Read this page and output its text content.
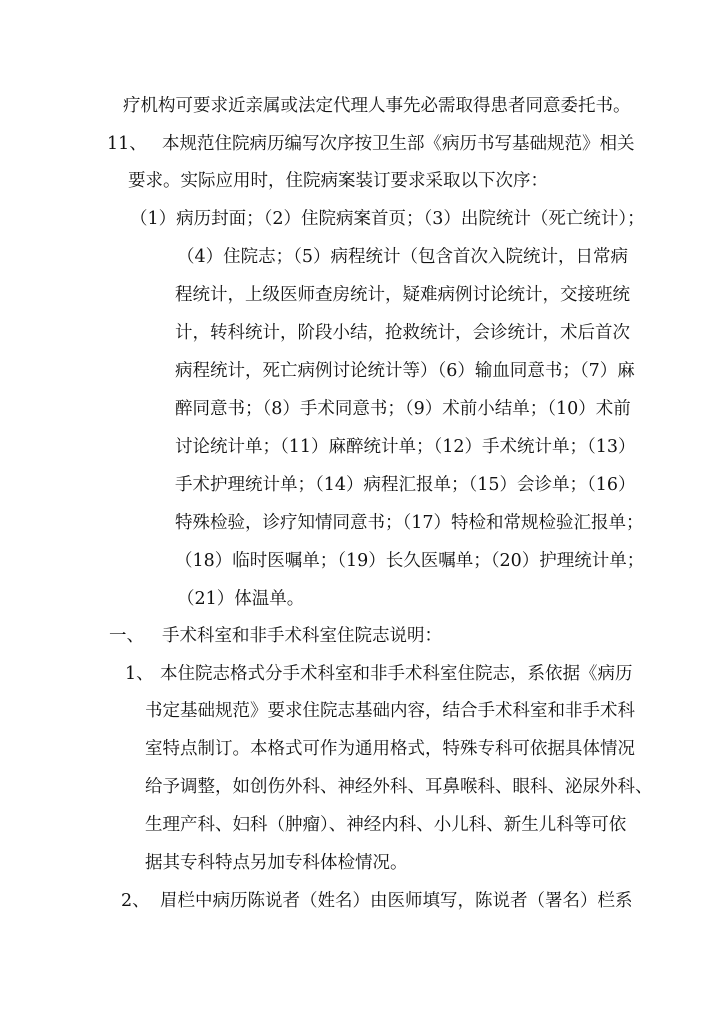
疗机构可要求近亲属或法定代理人事先必需取得患者同意委托书。
11、 本规范住院病历编写次序按卫生部《病历书写基础规范》相关
要求。实际应用时，住院病案装订要求采取以下次序：
（1）病历封面；（2）住院病案首页；（3）出院统计（死亡统计）；
（4）住院志；（5）病程统计（包含首次入院统计，日常病
程统计，上级医师查房统计，疑难病例讨论统计，交接班统
计，转科统计，阶段小结，抢救统计，会诊统计，术后首次
病程统计，死亡病例讨论统计等）（6）输血同意书；（7）麻
醉同意书；（8）手术同意书；（9）术前小结单；（10）术前
讨论统计单；（11）麻醉统计单；（12）手术统计单；（13）
手术护理统计单；（14）病程汇报单；（15）会诊单；（16）
特殊检验，诊疗知情同意书；（17）特检和常规检验汇报单；
（18）临时医嘱单；（19）长久医嘱单；（20）护理统计单；
（21）体温单。
一、 手术科室和非手术科室住院志说明：
1、 本住院志格式分手术科室和非手术科室住院志，系依据《病历
书定基础规范》要求住院志基础内容，结合手术科室和非手术科
室特点制订。本格式可作为通用格式，特殊专科可依据具体情况
给予调整，如创伤外科、神经外科、耳鼻喉科、眼科、泌尿外科、
生理产科、妇科（肿瘤）、神经内科、小儿科、新生儿科等可依
据其专科特点另加专科体检情况。
2、 眉栏中病历陈说者（姓名）由医师填写，陈说者（署名）栏系
